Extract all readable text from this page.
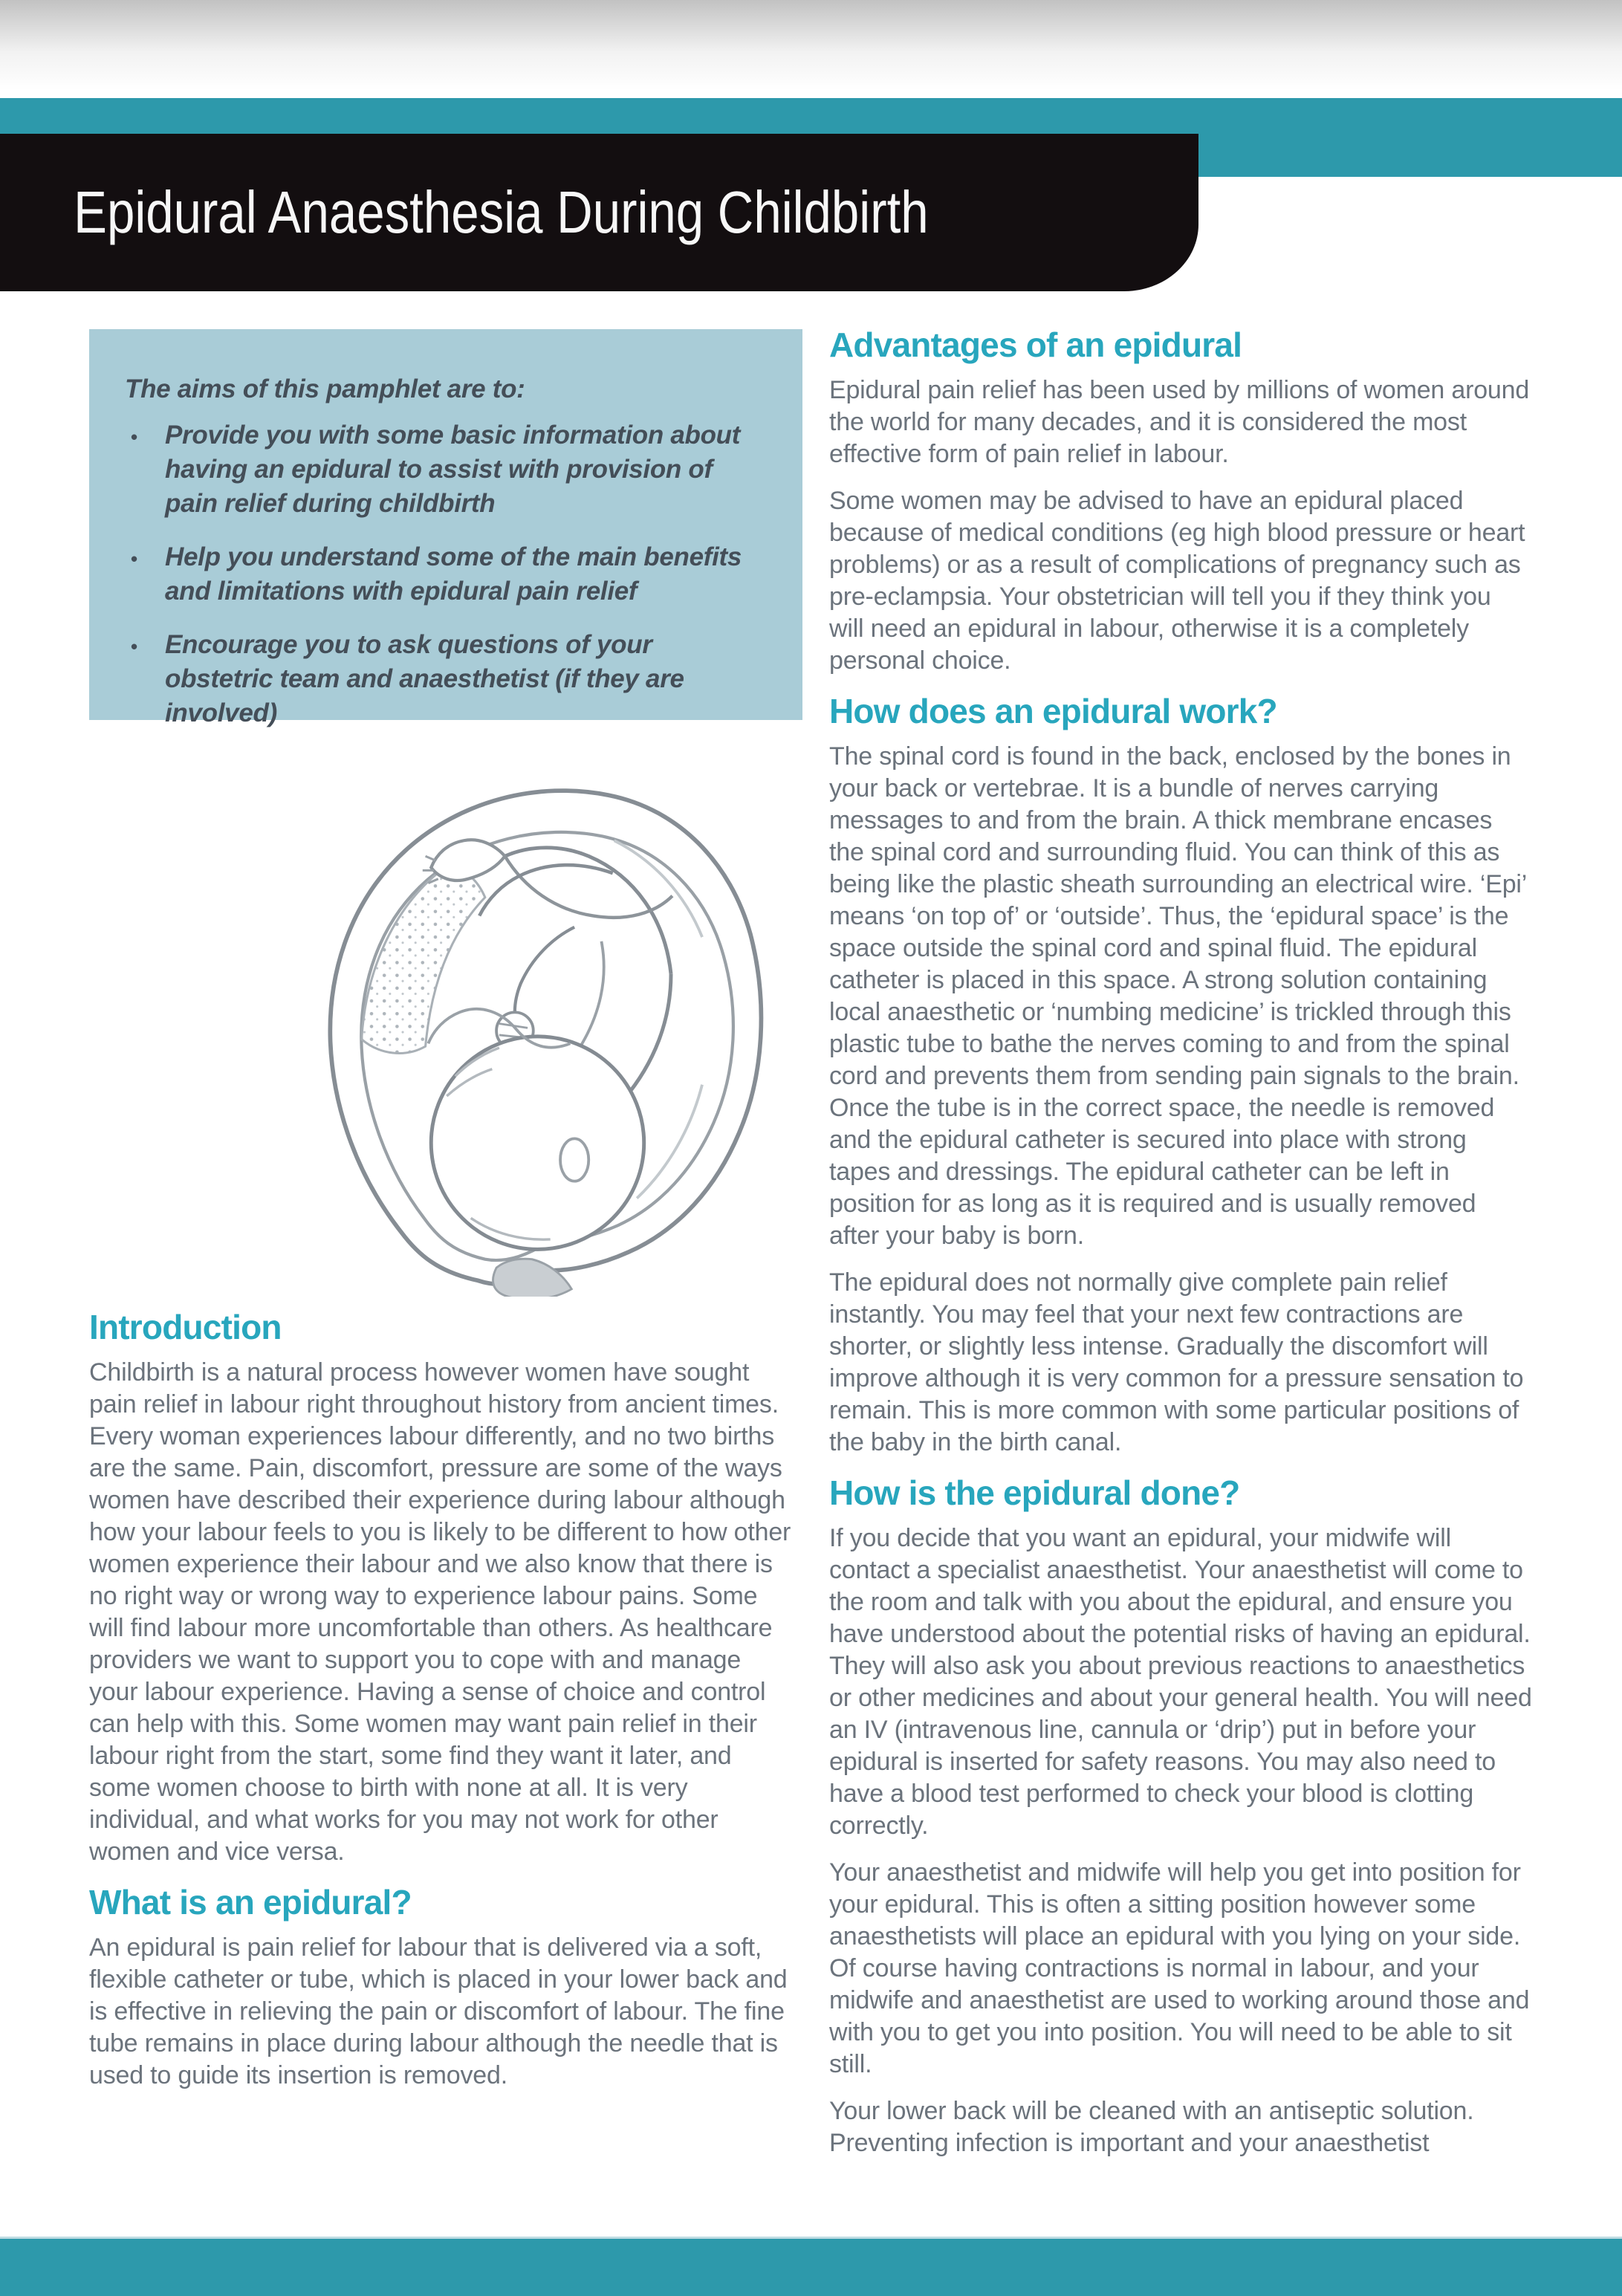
Epidural Anaesthesia During Childbirth

The aims of this pamphlet are to:

•	Provide you with some basic information about having an epidural to assist with provision of pain relief during childbirth
•	Help you understand some of the main benefits and limitations with epidural pain relief
•	Encourage you to ask questions of your obstetric team and anaesthetist (if they are involved)
Introduction

Childbirth is a natural process however women have sought pain relief in labour right throughout history from ancient times. Every woman experiences labour differently, and no two births are the same. Pain, discomfort, pressure are some of the ways women have described their experience during labour although how your labour feels to you is likely to be different to how other women experience their labour and we also know that there is no right way or wrong way to experience labour pains. Some will find labour more uncomfortable than others. As healthcare providers we want to support you to cope with and manage your labour experience. Having a sense of choice and control can help with this. Some women may want pain relief in their labour right from the start, some find they want it later, and some women choose to birth with none at all. It is very individual, and what works for you may not work for other women and vice versa.

What is an epidural?

An epidural is pain relief for labour that is delivered via a soft, flexible catheter or tube, which is placed in your lower back and is effective in relieving the pain or discomfort of labour. The fine tube remains in place during labour although the needle that is used to guide its insertion is removed.

Advantages of an epidural

Epidural pain relief has been used by millions of women around the world for many decades, and it is considered the most effective form of pain relief in labour.

Some women may be advised to have an epidural placed because of medical conditions (eg high blood pressure or heart problems) or as a result of complications of pregnancy such as pre-eclampsia. Your obstetrician will tell you if they think you will need an epidural in labour, otherwise it is a completely personal choice.

How does an epidural work?

The spinal cord is found in the back, enclosed by the bones in your back or vertebrae. It is a bundle of nerves carrying messages to and from the brain. A thick membrane encases the spinal cord and surrounding fluid. You can think of this as being like the plastic sheath surrounding an electrical wire. ‘Epi’ means ‘on top of’ or ‘outside’. Thus, the ‘epidural space’ is the space outside the spinal cord and spinal fluid. The epidural catheter is placed in this space. A strong solution containing local anaesthetic or ‘numbing medicine’ is trickled through this plastic tube to bathe the nerves coming to and from the spinal cord and prevents them from sending pain signals to the brain. Once the tube is in the correct space, the needle is removed and the epidural catheter is secured into place with strong tapes and dressings. The epidural catheter can be left in position for as long as it is required and is usually removed after your baby is born.

The epidural does not normally give complete pain relief instantly. You may feel that your next few contractions are shorter, or slightly less intense. Gradually the discomfort will improve although it is very common for a pressure sensation to remain. This is more common with some particular positions of the baby in the birth canal.

How is the epidural done?

If you decide that you want an epidural, your midwife will contact a specialist anaesthetist. Your anaesthetist will come to the room and talk with you about the epidural, and ensure you have understood about the potential risks of having an epidural. They will also ask you about previous reactions to anaesthetics or other medicines and about your general health. You will need an IV (intravenous line, cannula or ‘drip’) put in before your epidural is inserted for safety reasons. You may also need to have a blood test performed to check your blood is clotting correctly.

Your anaesthetist and midwife will help you get into position for your epidural. This is often a sitting position however some anaesthetists will place an epidural with you lying on your side. Of course having contractions is normal in labour, and your midwife and anaesthetist are used to working around those and with you to get you into position. You will need to be able to sit still.

Your lower back will be cleaned with an antiseptic solution. Preventing infection is important and your anaesthetist
